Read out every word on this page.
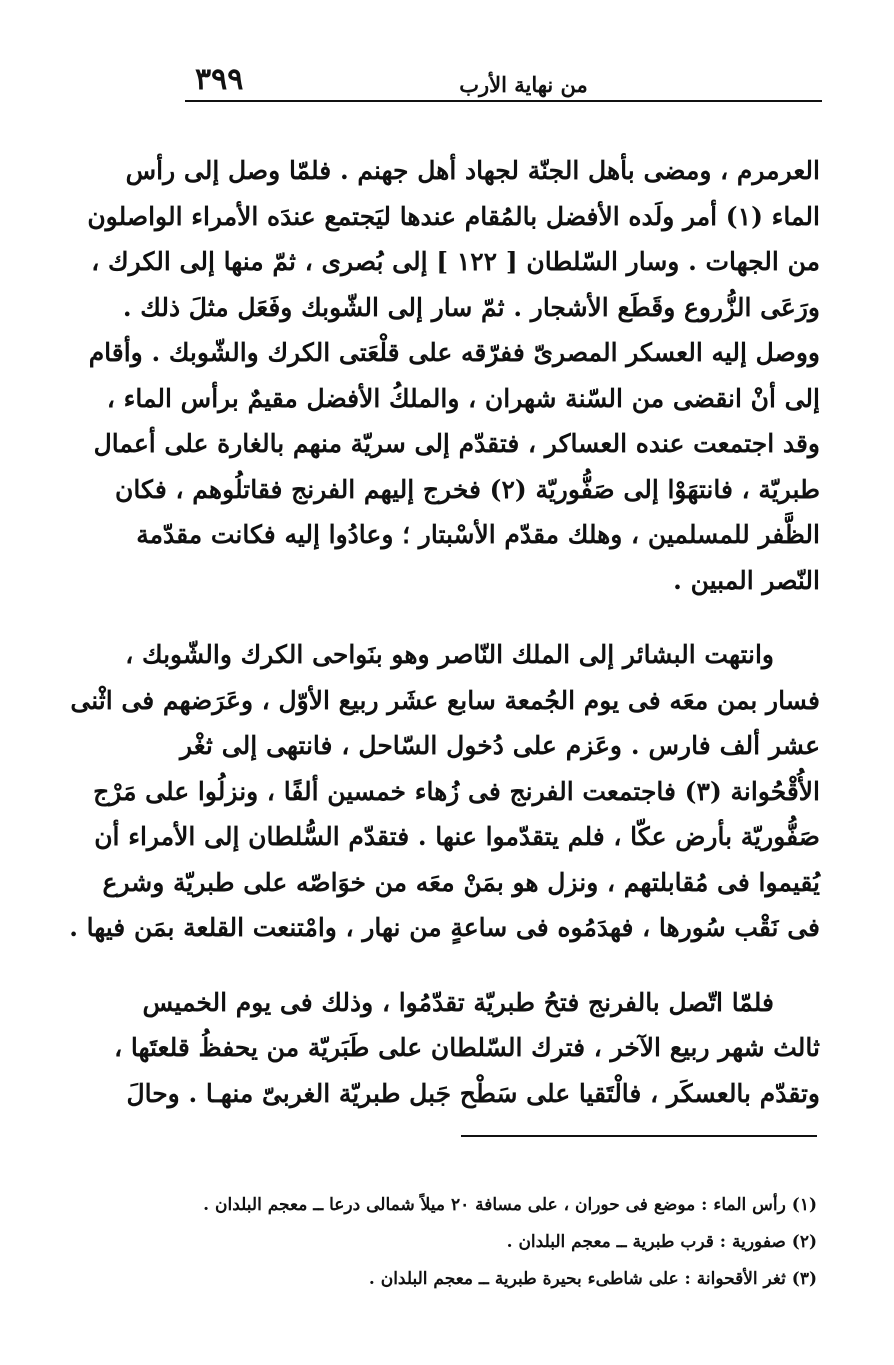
٣٩٩	من نهاية الأرب
العرمرم ، ومضى بأهل الجنّة لجهاد أهل جهنم . فلمّا وصل إلى رأس
الماء (١) أمر ولَده الأفضل بالمُقام عندها ليَجتمع عندَه الأمراء الواصلون
من الجهات . وسار السّلطان [ ١٢٢ ] إلى بُصرى ، ثمّ منها إلى الكرك ،
ورَعَى الزُّروع وقَطَع الأشجار . ثمّ سار إلى الشّوبك وفَعَل مثلَ ذلك .
ووصل إليه العسكر المصرىّ ففرّقه على قلْعَتى الكرك والشّوبك . وأقام
إلى أنْ انقضى من السّنة شهران ، والملكُ الأفضل مقيمٌ برأس الماء ،
وقد اجتمعت عنده العساكر ، فتقدّم إلى سريّة منهم بالغارة على أعمال
طبريّة ، فانتهَوْا إلى صَفُّوريّة (٢) فخرج إليهم الفرنج فقاتلُوهم ، فكان
الظَّفر للمسلمين ، وهلك مقدّم الأسْبتار ؛ وعادُوا إليه فكانت مقدّمة
النّصر المبين .
وانتهت البشائر إلى الملك النّاصر وهو بنَواحى الكرك والشّوبك ،
فسار بمن معَه فى يوم الجُمعة سابع عشَر ربيع الأوّل ، وعَرَضهم فى اثْنى
عشر ألف فارس . وعَزم على دُخول السّاحل ، فانتهى إلى ثغْر
الأُقْحُوانة (٣) فاجتمعت الفرنج فى زُهاء خمسين ألفًا ، ونزلُوا على مَرْج
صَفُّوريّة بأرض عكّا ، فلم يتقدّموا عنها . فتقدّم السُّلطان إلى الأمراء أن
يُقيموا فى مُقابلتهم ، ونزل هو بمَنْ معَه من خوَاصّه على طبريّة وشرع
فى نَقْب سُورها ، فهدَمُوه فى ساعةٍ من نهار ، وامْتنعت القلعة بمَن فيها .
فلمّا اتّصل بالفرنج فتحُ طبريّة تقدّمُوا ، وذلك فى يوم الخميس
ثالث شهر ربيع الآخر ، فترك السّلطان على طَبَريّة من يحفظُ قلعتَها ،
وتقدّم بالعسكَر ، فالْتَقيا على سَطْح جَبل طبريّة الغربىّ منهـا . وحالَ
(١) رأس الماء : موضع فى حوران ، على مسافة ٢٠ ميلاً شمالى درعا ــ معجم البلدان .
(٢) صفورية : قرب طبرية ــ معجم البلدان .
(٣) ثغر الأقحوانة : على شاطىء بحيرة طبرية ــ معجم البلدان .
